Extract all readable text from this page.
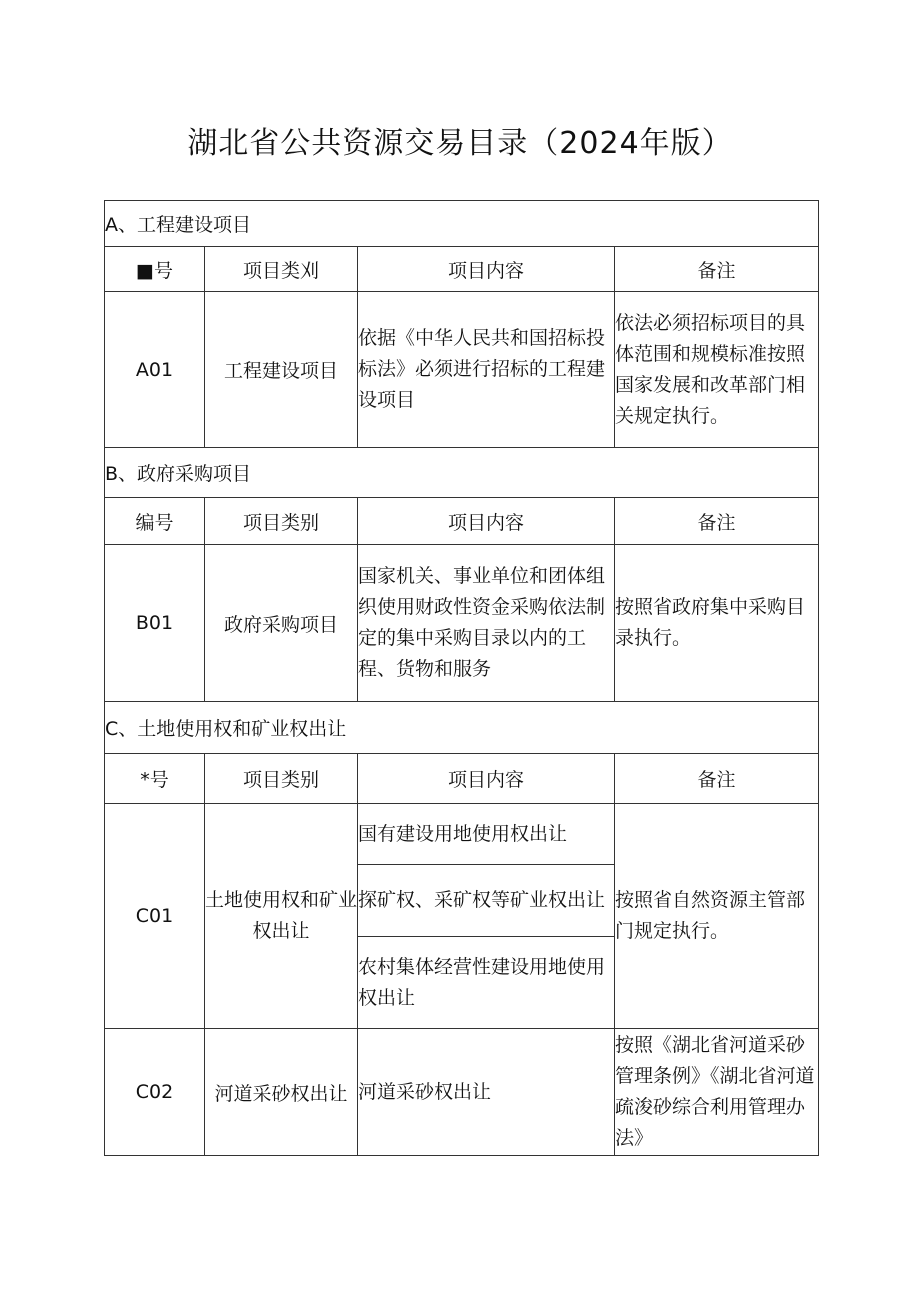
湖北省公共资源交易目录（2024年版）
A、工程建设项目			
■号	项目类刈	项目内容	备注
A01	工程建设项目	依据《中华人民共和国招标投标法》必须进行招标的工程建设项目	依法必须招标项目的具体范围和规模标准按照国家发展和改革部门相关规定执行。
B、政府采购项目			
编号	项目类别	项目内容	备注
B01	政府采购项目	国家机关、事业单位和团体组织使用财政性资金采购依法制定的集中采购目录以内的工程、货物和服务	按照省政府集中采购目录执行。
C、土地使用权和矿业权出让			
*号	项目类别	项目内容	备注
C01	土地使用权和矿业权出让	国有建设用地使用权出让	按照省自然资源主管部门规定执行。
		探矿权、采矿权等矿业权出让	
		农村集体经营性建设用地使用权出让	
C02	河道采砂权出让	河道采砂权出让	按照《湖北省河道采砂管理条例》《湖北省河道疏浚砂综合利用管理办法》
